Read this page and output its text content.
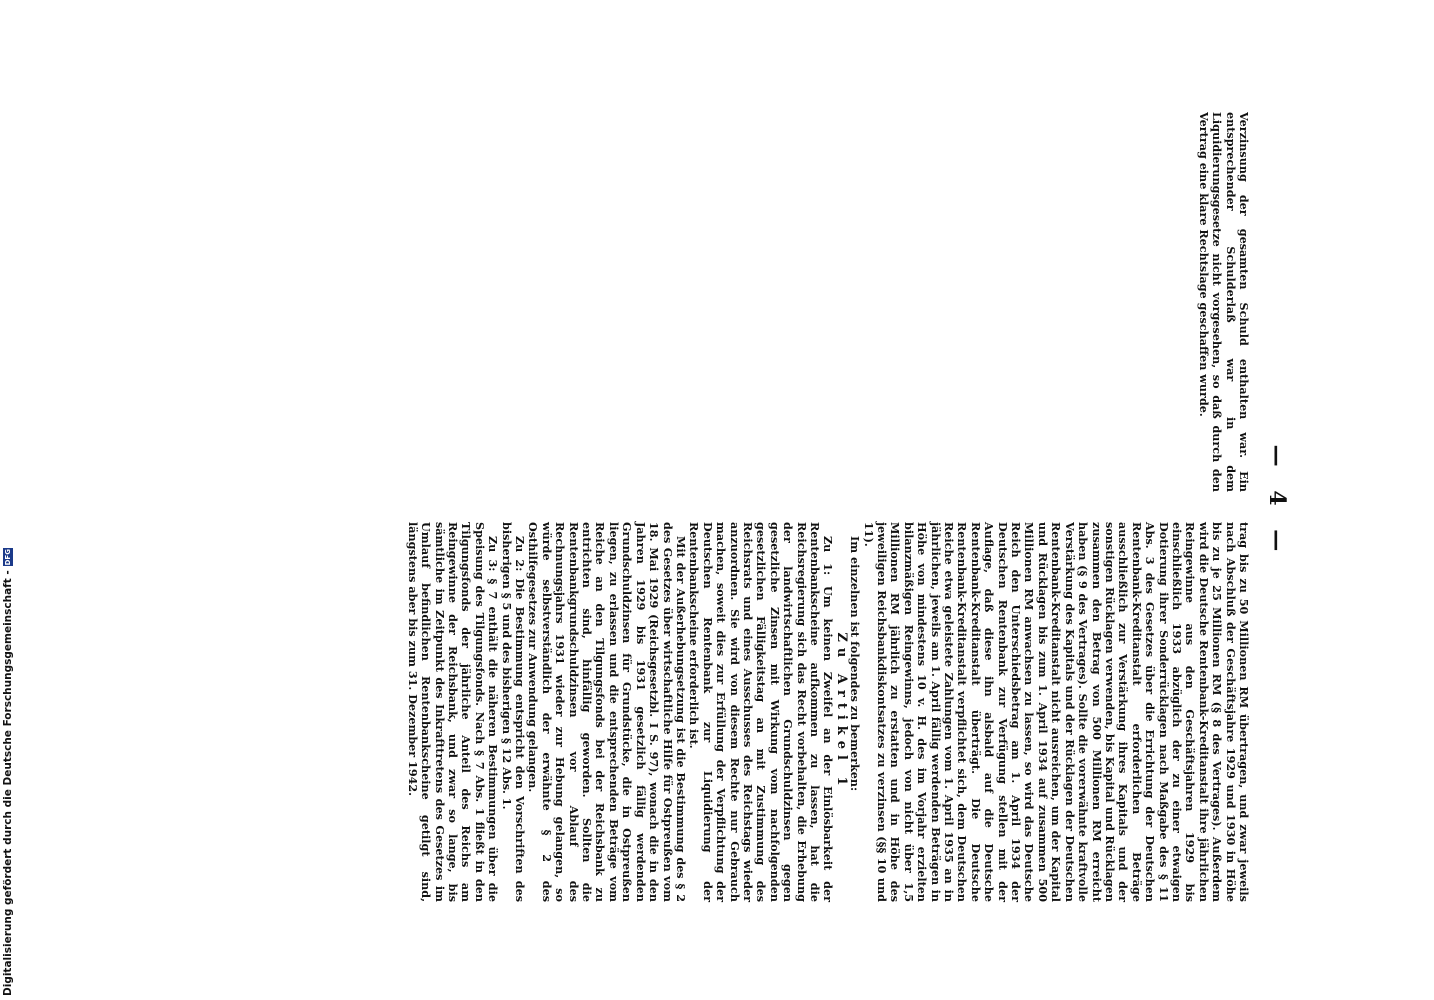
Digitalisierung gefördert durch die Deutsche Forschungsgemeinschaft -
DFG	— 4 —

Verzinsung der gesamten Schuld enthalten war. Ein entsprechender Schulderlaß war in dem Liquidierungsgesetze nicht vorgesehen, so daß durch den Vertrag eine klare Rechtslage geschaffen wurde.

trag bis zu 50 Millionen RM übertragen, und zwar jeweils nach Abschluß der Geschäftsjahre 1929 und 1930 in Höhe bis zu je 25 Millionen RM (§ 8 des Vertrages). Außerdem wird die Deutsche Rentenbank-Kreditanstalt ihre jährlichen Reingewinne aus den Geschäftsjahren 1929 bis einschließlich 1933 abzüglich der zu einer etwaigen Dotierung ihrer Sonderrücklagen nach Maßgabe des § 11 Abs. 3 des Gesetzes über die Errichtung der Deutschen Rentenbank-Kreditanstalt erforderlichen Beträge ausschließlich zur Verstärkung ihres Kapitals und der sonstigen Rücklagen verwenden, bis Kapital und Rücklagen zusammen den Betrag von 500 Millionen RM erreicht haben (§ 9 des Vertrages). Sollte die vorerwähnte kraftvolle Verstärkung des Kapitals und der Rücklagen der Deutschen Rentenbank-Kreditanstalt nicht ausreichen, um der Kapital und Rücklagen bis zum 1. April 1934 auf zusammen 500 Millionen RM anwachsen zu lassen, so wird das Deutsche Reich den Unterschiedsbetrag am 1. April 1934 der Deutschen Rentenbank zur Verfügung stellen mit der Auflage, daß diese ihn alsbald auf die Deutsche Rentenbank-Kreditanstalt überträgt. Die Deutsche Rentenbank-Kreditanstalt verpflichtet sich, dem Deutschen Reiche etwa geleistete Zahlungen vom 1. April 1935 an in jährlichen, jeweils am 1. April fällig werdenden Beträgen in Höhe von mindestens 10 v. H. des im Vorjahr erzielten bilanzmäßigen Reingewinns, jedoch von nicht über 1,5 Millionen RM jährlich zu erstatten und in Höhe des jeweiligen Reichsbankdiskontsatzes zu verzinsen (§§ 10 und 11).

Im einzelnen ist folgendes zu bemerken:

Zu Artikel 1

Zu 1: Um keinen Zweifel an der Einlösbarkeit der Rentenbankscheine aufkommen zu lassen, hat die Reichsregierung sich das Recht vorbehalten, die Erhebung der landwirtschaftlichen Grundschuldzinsen gegen gesetzliche Zinsen mit Wirkung vom nachfolgenden gesetzlichen Fälligkeitstag an mit Zustimmung des Reichsrats und eines Ausschusses des Reichstags wieder anzuordnen. Sie wird von diesem Rechte nur Gebrauch machen, soweit dies zur Erfüllung der Verpflichtung der Deutschen Rentenbank zur Liquidierung der Rentenbankscheine erforderlich ist.

Mit der Außerhebungsetzung ist die Bestimmung des § 2 des Gesetzes über wirtschaftliche Hilfe für Ostpreußen vom 18. Mai 1929 (Reichsgesetzbl. I S. 97), wonach die in den Jahren 1929 bis 1931 gesetzlich fällig werdenden Grundschuldzinsen für Grundstücke, die in Ostpreußen liegen, zu erlassen und die entsprechenden Beträge vom Reiche an den Tilgungsfonds bei der Reichsbank zu entrichten sind, hinfällig geworden. Sollten die Rentenbankgrundschuldzinsen vor Ablauf des Rechnungsjahrs 1931 wieder zur Hebung gelangen, so würde selbstverständlich der erwähnte § 2 des Osthilfegesetzes zur Anwendung gelangen.

Zu 2: Die Bestimmung entspricht den Vorschriften des bisherigen § 5 und des bisherigen § 12 Abs. 1.

Zu 3: § 7 enthält die näheren Bestimmungen über die Speisung des Tilgungsfonds. Nach § 7 Abs. 1 fließt in den Tilgungsfonds der jährliche Anteil des Reichs am Reingewinne der Reichsbank, und zwar so lange, bis sämtliche im Zeitpunkt des Inkrafttretens des Gesetzes im Umlauf befindlichen Rentenbankscheine getilgt sind, längstens aber bis zum 31. Dezember 1942.
